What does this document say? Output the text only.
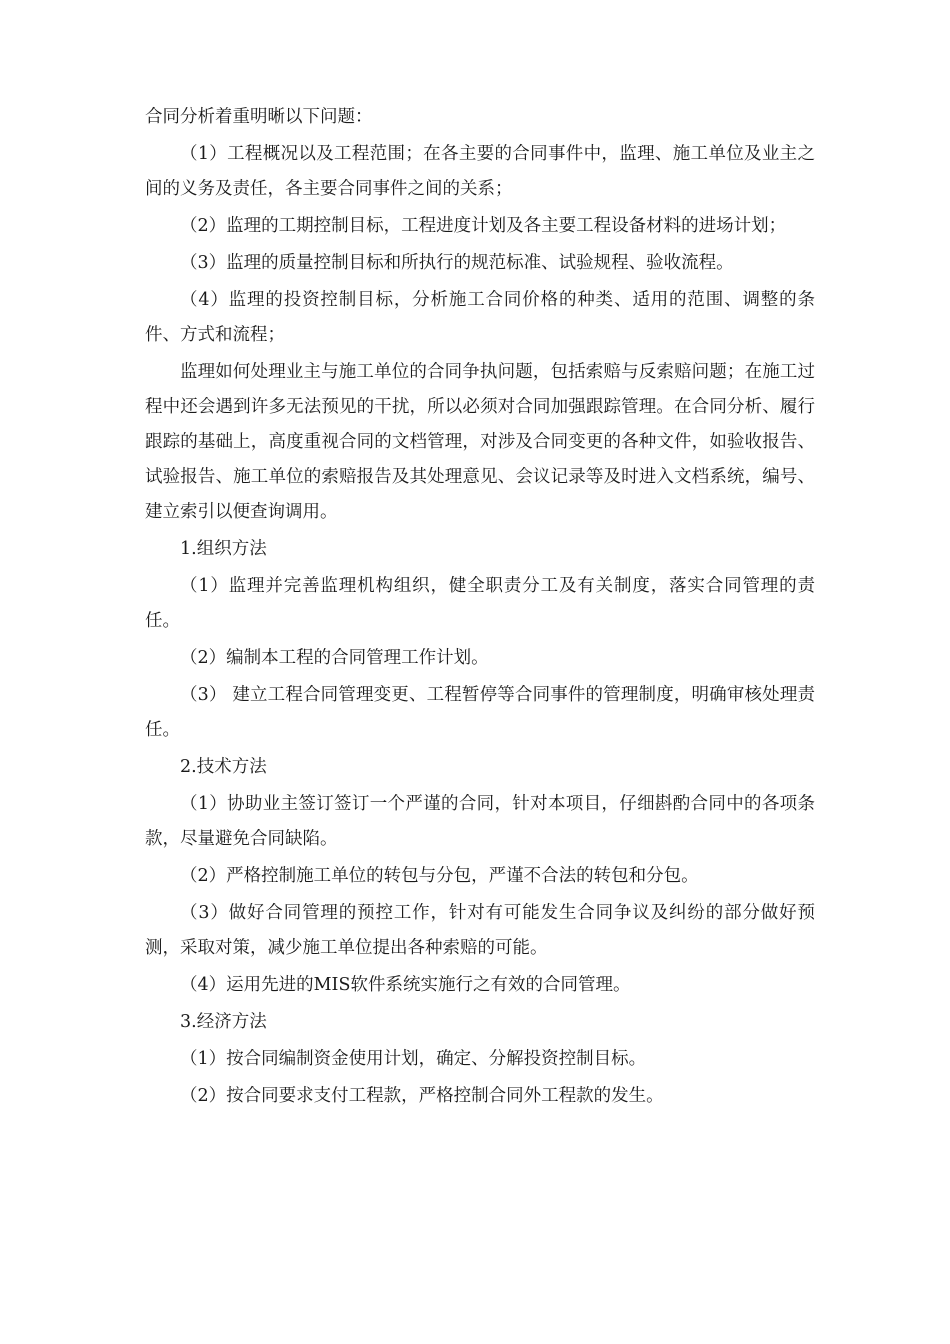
合同分析着重明晰以下问题：

（1）工程概况以及工程范围；在各主要的合同事件中，监理、施工单位及业主之间的义务及责任，各主要合同事件之间的关系；

（2）监理的工期控制目标，工程进度计划及各主要工程设备材料的进场计划；

（3）监理的质量控制目标和所执行的规范标准、试验规程、验收流程。

（4）监理的投资控制目标，分析施工合同价格的种类、适用的范围、调整的条件、方式和流程；

监理如何处理业主与施工单位的合同争执问题，包括索赔与反索赔问题；在施工过程中还会遇到许多无法预见的干扰，所以必须对合同加强跟踪管理。在合同分析、履行跟踪的基础上，高度重视合同的文档管理，对涉及合同变更的各种文件，如验收报告、试验报告、施工单位的索赔报告及其处理意见、会议记录等及时进入文档系统，编号、建立索引以便查询调用。

1.组织方法

（1）监理并完善监理机构组织，健全职责分工及有关制度，落实合同管理的责任。

（2）编制本工程的合同管理工作计划。

（3） 建立工程合同管理变更、工程暂停等合同事件的管理制度，明确审核处理责任。

2.技术方法

（1）协助业主签订签订一个严谨的合同，针对本项目，仔细斟酌合同中的各项条款，尽量避免合同缺陷。

（2）严格控制施工单位的转包与分包，严谨不合法的转包和分包。

（3）做好合同管理的预控工作，针对有可能发生合同争议及纠纷的部分做好预测，采取对策，减少施工单位提出各种索赔的可能。

（4）运用先进的MIS软件系统实施行之有效的合同管理。

3.经济方法

（1）按合同编制资金使用计划，确定、分解投资控制目标。

（2）按合同要求支付工程款，严格控制合同外工程款的发生。
